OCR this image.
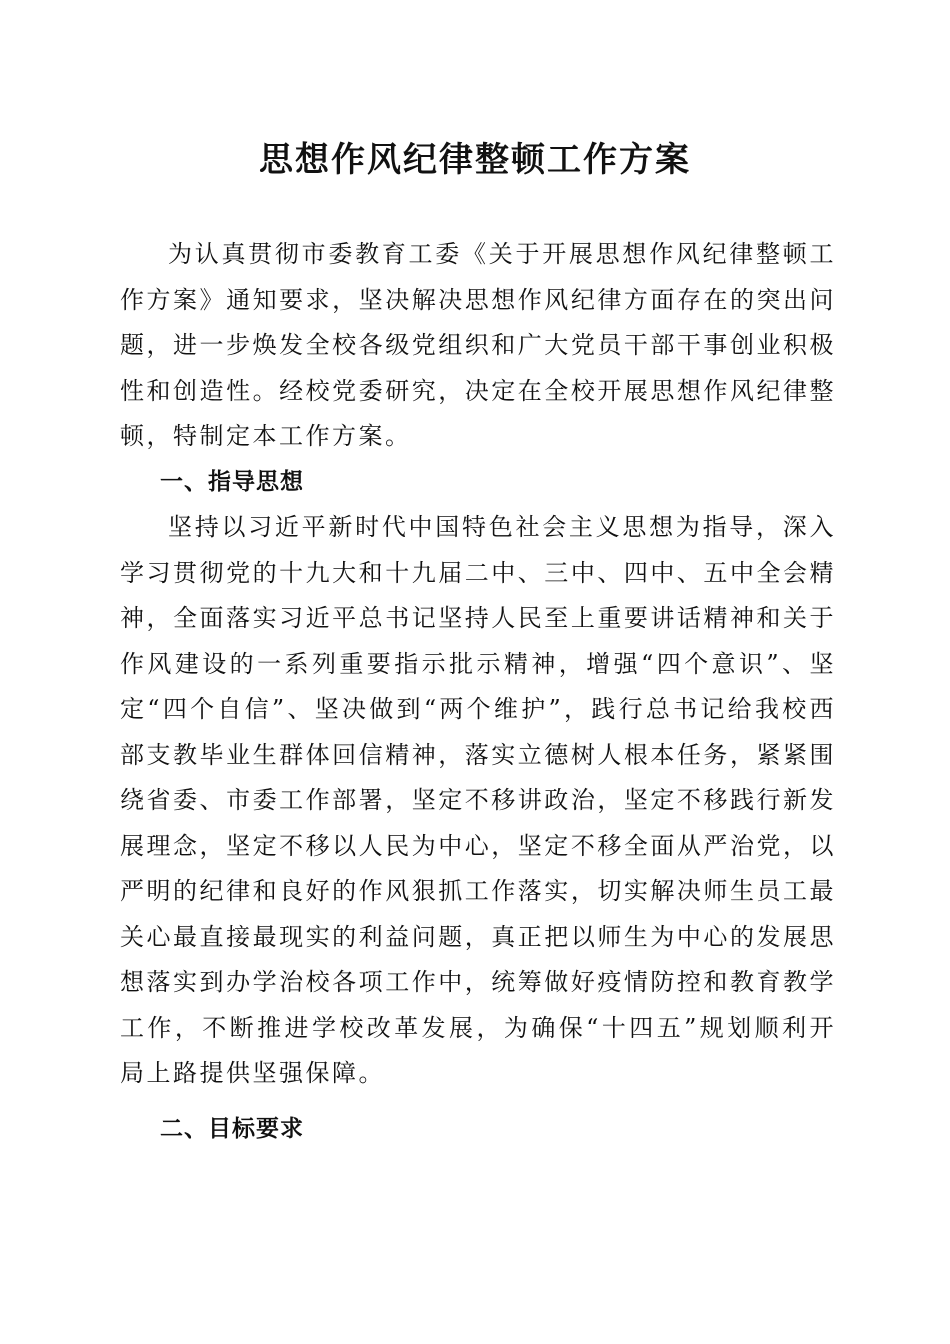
思想作风纪律整顿工作方案

为认真贯彻市委教育工委《关于开展思想作风纪律整顿工作方案》通知要求，坚决解决思想作风纪律方面存在的突出问题，进一步焕发全校各级党组织和广大党员干部干事创业积极性和创造性。经校党委研究，决定在全校开展思想作风纪律整顿，特制定本工作方案。

一、指导思想

坚持以习近平新时代中国特色社会主义思想为指导，深入学习贯彻党的十九大和十九届二中、三中、四中、五中全会精神，全面落实习近平总书记坚持人民至上重要讲话精神和关于作风建设的一系列重要指示批示精神，增强“四个意识”、坚定“四个自信”、坚决做到“两个维护”，践行总书记给我校西部支教毕业生群体回信精神，落实立德树人根本任务，紧紧围绕省委、市委工作部署，坚定不移讲政治，坚定不移践行新发展理念，坚定不移以人民为中心，坚定不移全面从严治党，以严明的纪律和良好的作风狠抓工作落实，切实解决师生员工最关心最直接最现实的利益问题，真正把以师生为中心的发展思想落实到办学治校各项工作中，统筹做好疫情防控和教育教学工作，不断推进学校改革发展，为确保“十四五”规划顺利开局上路提供坚强保障。

二、目标要求
